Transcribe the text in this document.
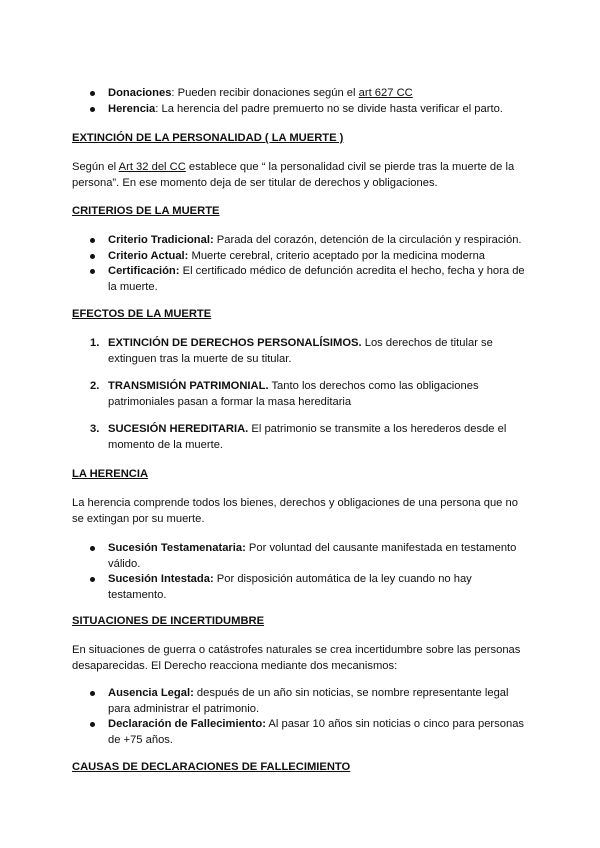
Donaciones: Pueden recibir donaciones según el art 627 CC
Herencia: La herencia del padre premuerto no se divide hasta verificar el parto.
EXTINCIÓN DE LA PERSONALIDAD ( LA MUERTE )

Según el Art 32 del CC establece que “ la personalidad civil se pierde tras la muerte de la persona”. En ese momento deja de ser titular de derechos y obligaciones.

CRITERIOS DE LA MUERTE
Criterio Tradicional: Parada del corazón, detención de la circulación y respiración.
Criterio Actual: Muerte cerebral, criterio aceptado por la medicina moderna
Certificación: El certificado médico de defunción acredita el hecho, fecha y hora de la muerte.
EFECTOS DE LA MUERTE
1. EXTINCIÓN DE DERECHOS PERSONALÍSIMOS. Los derechos de titular se extinguen tras la muerte de su titular.
2. TRANSMISIÓN PATRIMONIAL. Tanto los derechos como las obligaciones patrimoniales pasan a formar la masa hereditaria
3. SUCESIÓN HEREDITARIA. El patrimonio se transmite a los herederos desde el momento de la muerte.
LA HERENCIA

La herencia comprende todos los bienes, derechos y obligaciones de una persona que no se extingan por su muerte.

Sucesión Testamenataria: Por voluntad del causante manifestada en testamento válido.
Sucesión Intestada: Por disposición automática de la ley cuando no hay testamento.
SITUACIONES DE INCERTIDUMBRE

En situaciones de guerra o catástrofes naturales se crea incertidumbre sobre las personas desaparecidas. El Derecho reacciona mediante dos mecanismos:

Ausencia Legal: después de un año sin noticias, se nombre representante legal para administrar el patrimonio.
Declaración de Fallecimiento: Al pasar 10 años sin noticias o cinco para personas de +75 años.
CAUSAS DE DECLARACIONES DE FALLECIMIENTO
